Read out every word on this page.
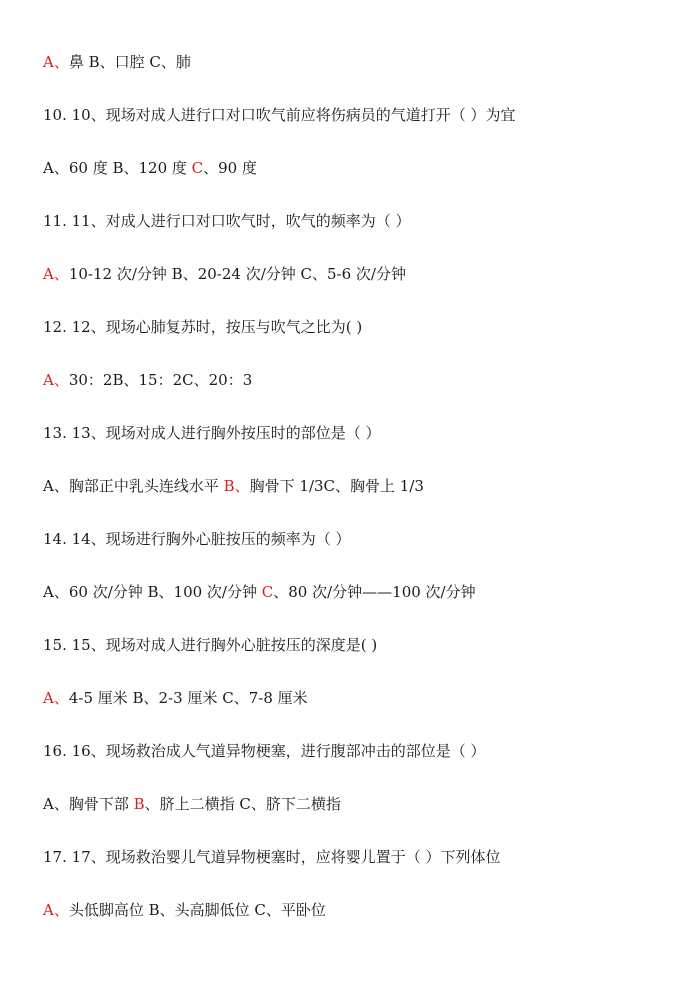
A、鼻 B、口腔 C、肺
10. 10、现场对成人进行口对口吹气前应将伤病员的气道打开（ ）为宜
A、60 度 B、120 度 C、90 度
11. 11、对成人进行口对口吹气时，吹气的频率为（ ）
A、10-12 次/分钟 B、20-24 次/分钟 C、5-6 次/分钟
12. 12、现场心肺复苏时，按压与吹气之比为( )
A、30：2B、15：2C、20：3
13. 13、现场对成人进行胸外按压时的部位是（ ）
A、胸部正中乳头连线水平 B、胸骨下 1/3C、胸骨上 1/3
14. 14、现场进行胸外心脏按压的频率为（ ）
A、60 次/分钟 B、100 次/分钟 C、80 次/分钟——100 次/分钟
15. 15、现场对成人进行胸外心脏按压的深度是( )
A、4-5 厘米 B、2-3 厘米 C、7-8 厘米
16. 16、现场救治成人气道异物梗塞，进行腹部冲击的部位是（ ）
A、胸骨下部 B、脐上二横指 C、脐下二横指
17. 17、现场救治婴儿气道异物梗塞时，应将婴儿置于（ ）下列体位
A、头低脚高位 B、头高脚低位 C、平卧位
